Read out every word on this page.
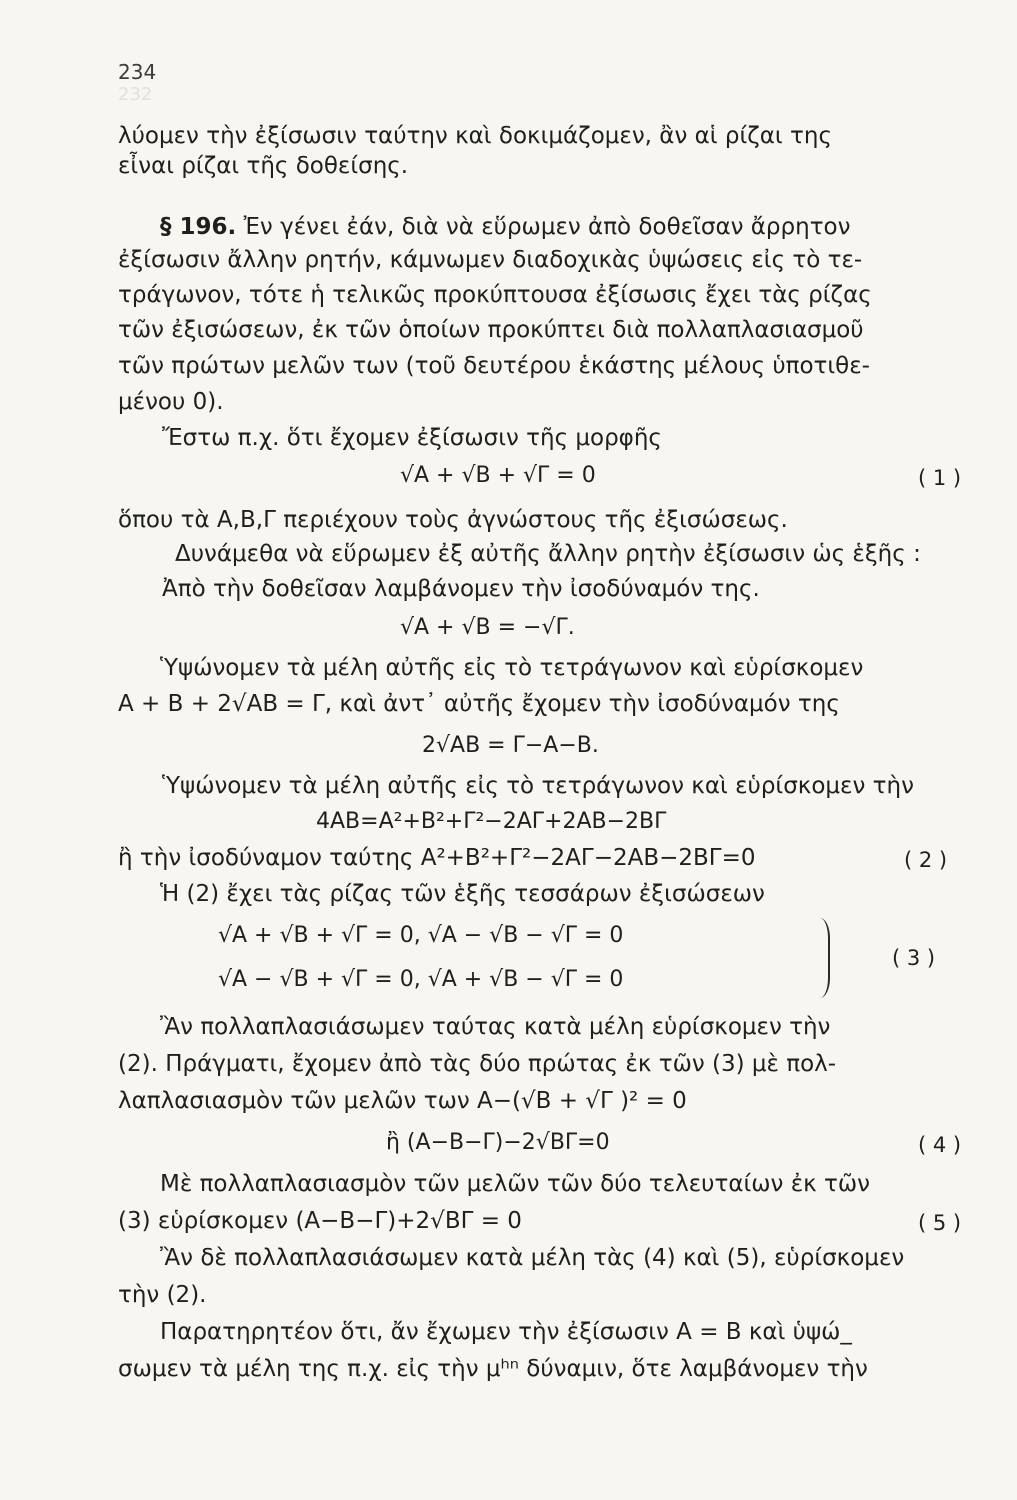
232
234
λύομεν τὴν ἐξίσωσιν ταύτην καὶ δοκιμάζομεν, ἂν αἱ ρίζαι της
εἶναι ρίζαι τῆς δοθείσης.
§ 196. Ἐν γένει ἐάν, διὰ νὰ εὕρωμεν ἀπὸ δοθεῖσαν ἄρρητον
ἐξίσωσιν ἄλλην ρητήν, κάμνωμεν διαδοχικὰς ὑψώσεις εἰς τὸ τε-
τράγωνον, τότε ἡ τελικῶς προκύπτουσα ἐξίσωσις ἔχει τὰς ρίζας
τῶν ἐξισώσεων, ἐκ τῶν ὁποίων προκύπτει διὰ πολλαπλασιασμοῦ
τῶν πρώτων μελῶν των (τοῦ δευτέρου ἑκάστης μέλους ὑποτιθε-
μένου 0).
Ἔστω π.χ. ὅτι ἔχομεν ἐξίσωσιν τῆς μορφῆς
√A + √B + √Γ = 0	( 1 )
ὅπου τὰ A,B,Γ περιέχουν τοὺς ἀγνώστους τῆς ἐξισώσεως.
Δυνάμεθα νὰ εὕρωμεν ἐξ αὐτῆς ἄλλην ρητὴν ἐξίσωσιν ὡς ἑξῆς :
Ἀπὸ τὴν δοθεῖσαν λαμβάνομεν τὴν ἰσοδύναμόν της.
√A + √B = −√Γ.
Ὑψώνομεν τὰ μέλη αὐτῆς εἰς τὸ τετράγωνον καὶ εὑρίσκομεν
A + B + 2√AB = Γ, καὶ ἀντ᾽ αὐτῆς ἔχομεν τὴν ἰσοδύναμόν της
2√AB = Γ−A−B.
Ὑψώνομεν τὰ μέλη αὐτῆς εἰς τὸ τετράγωνον καὶ εὑρίσκομεν τὴν
4AB=A²+B²+Γ²−2AΓ+2AB−2BΓ
ἢ τὴν ἰσοδύναμον ταύτης A²+B²+Γ²−2AΓ−2AB−2BΓ=0	( 2 )
Ἡ (2) ἔχει τὰς ρίζας τῶν ἑξῆς τεσσάρων ἐξισώσεων
√A + √B + √Γ = 0, √A − √B − √Γ = 0
√A − √B + √Γ = 0, √A + √B − √Γ = 0
( 3 )
Ἂν πολλαπλασιάσωμεν ταύτας κατὰ μέλη εὑρίσκομεν τὴν
(2). Πράγματι, ἔχομεν ἀπὸ τὰς δύο πρώτας ἐκ τῶν (3) μὲ πολ-
λαπλασιασμὸν τῶν μελῶν των A−(√B + √Γ )² = 0
ἢ (A−B−Γ)−2√BΓ=0	( 4 )
Μὲ πολλαπλασιασμὸν τῶν μελῶν τῶν δύο τελευταίων ἐκ τῶν
(3) εὑρίσκομεν (A−B−Γ)+2√BΓ = 0	( 5 )
Ἂν δὲ πολλαπλασιάσωμεν κατὰ μέλη τὰς (4) καὶ (5), εὑρίσκομεν
τὴν (2).
Παρατηρητέον ὅτι, ἄν ἔχωμεν τὴν ἐξίσωσιν A = B καὶ ὑψώ_
σωμεν τὰ μέλη της π.χ. εἰς τὴν μʰⁿ δύναμιν, ὅτε λαμβάνομεν τὴν
